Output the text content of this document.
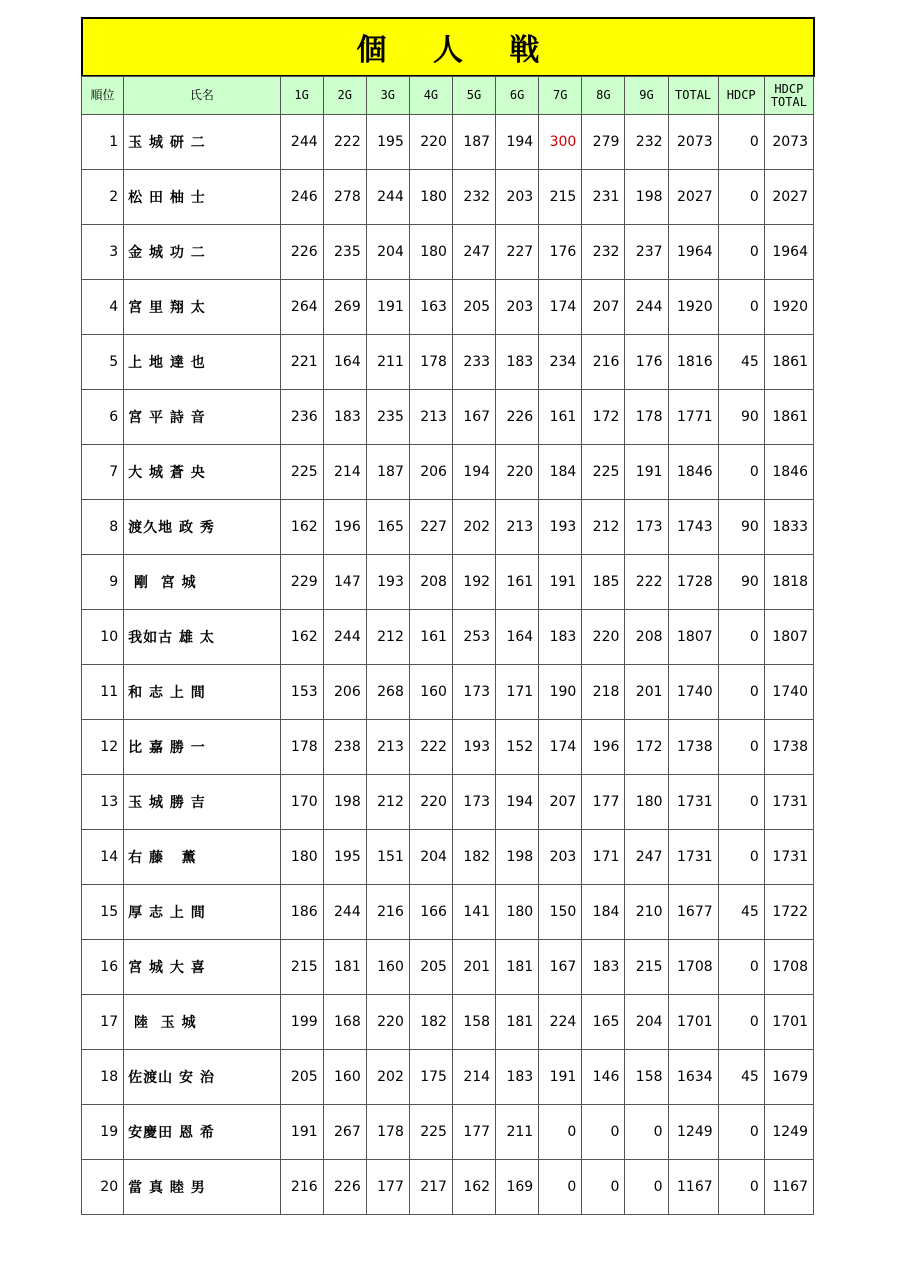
個 人 戦
順位	氏名	1G	2G	3G	4G	5G	6G	7G	8G	9G	TOTAL	HDCP	HDCP
TOTAL
1	玉 城 研 二	244	222	195	220	187	194	300	279	232	2073	0	2073
2	松 田 柚 士	246	278	244	180	232	203	215	231	198	2027	0	2027
3	金 城 功 二	226	235	204	180	247	227	176	232	237	1964	0	1964
4	宮 里 翔 太	264	269	191	163	205	203	174	207	244	1920	0	1920
5	上 地 達 也	221	164	211	178	233	183	234	216	176	1816	45	1861
6	宮 平 詩 音	236	183	235	213	167	226	161	172	178	1771	90	1861
7	大 城 蒼 央	225	214	187	206	194	220	184	225	191	1846	0	1846
8	渡久地 政 秀	162	196	165	227	202	213	193	212	173	1743	90	1833
9	剛  宮 城	229	147	193	208	192	161	191	185	222	1728	90	1818
10	我如古 雄 太	162	244	212	161	253	164	183	220	208	1807	0	1807
11	和 志 上 間	153	206	268	160	173	171	190	218	201	1740	0	1740
12	比 嘉 勝 一	178	238	213	222	193	152	174	196	172	1738	0	1738
13	玉 城 勝 吉	170	198	212	220	173	194	207	177	180	1731	0	1731
14	右 藤   薫	180	195	151	204	182	198	203	171	247	1731	0	1731
15	厚 志 上 間	186	244	216	166	141	180	150	184	210	1677	45	1722
16	宮 城 大 喜	215	181	160	205	201	181	167	183	215	1708	0	1708
17	陸  玉 城	199	168	220	182	158	181	224	165	204	1701	0	1701
18	佐渡山 安 治	205	160	202	175	214	183	191	146	158	1634	45	1679
19	安慶田 恩 希	191	267	178	225	177	211	0	0	0	1249	0	1249
20	當 真 睦 男	216	226	177	217	162	169	0	0	0	1167	0	1167
